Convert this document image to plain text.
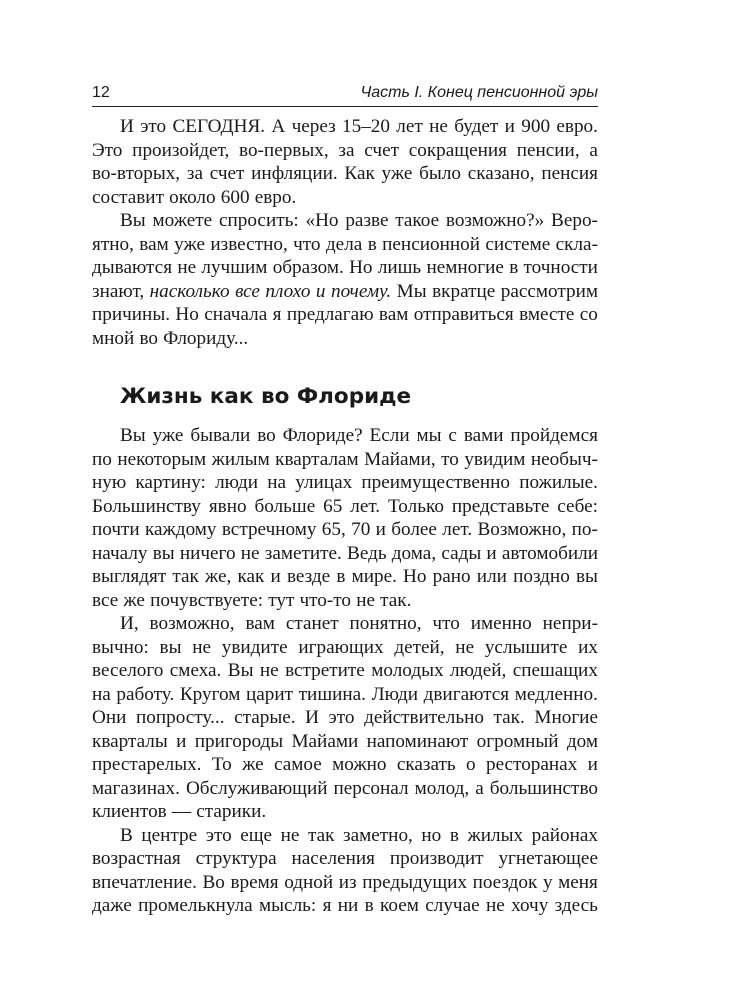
12	Часть I. Конец пенсионной эры
И это СЕГОДНЯ. А через 15–20 лет не будет и 900 евро.
Это произойдет, во-первых, за счет сокращения пенсии, а
во-вторых, за счет инфляции. Как уже было сказано, пенсия
составит около 600 евро.
Вы можете спросить: «Но разве такое возможно?» Веро-
ятно, вам уже известно, что дела в пенсионной системе скла-
дываются не лучшим образом. Но лишь немногие в точности
знают, насколько все плохо и почему. Мы вкратце рассмотрим
причины. Но сначала я предлагаю вам отправиться вместе со
мной во Флориду...
Жизнь как во Флориде
Вы уже бывали во Флориде? Если мы с вами пройдемся
по некоторым жилым кварталам Майами, то увидим необыч-
ную картину: люди на улицах преимущественно пожилые.
Большинству явно больше 65 лет. Только представьте себе:
почти каждому встречному 65, 70 и более лет. Возможно, по-
началу вы ничего не заметите. Ведь дома, сады и автомобили
выглядят так же, как и везде в мире. Но рано или поздно вы
все же почувствуете: тут что-то не так.
И, возможно, вам станет понятно, что именно непри-
вычно: вы не увидите играющих детей, не услышите их
веселого смеха. Вы не встретите молодых людей, спешащих
на работу. Кругом царит тишина. Люди двигаются медленно.
Они попросту... старые. И это действительно так. Многие
кварталы и пригороды Майами напоминают огромный дом
престарелых. То же самое можно сказать о ресторанах и
магазинах. Обслуживающий персонал молод, а большинство
клиентов — старики.
В центре это еще не так заметно, но в жилых районах
возрастная структура населения производит угнетающее
впечатление. Во время одной из предыдущих поездок у меня
даже промелькнула мысль: я ни в коем случае не хочу здесь
